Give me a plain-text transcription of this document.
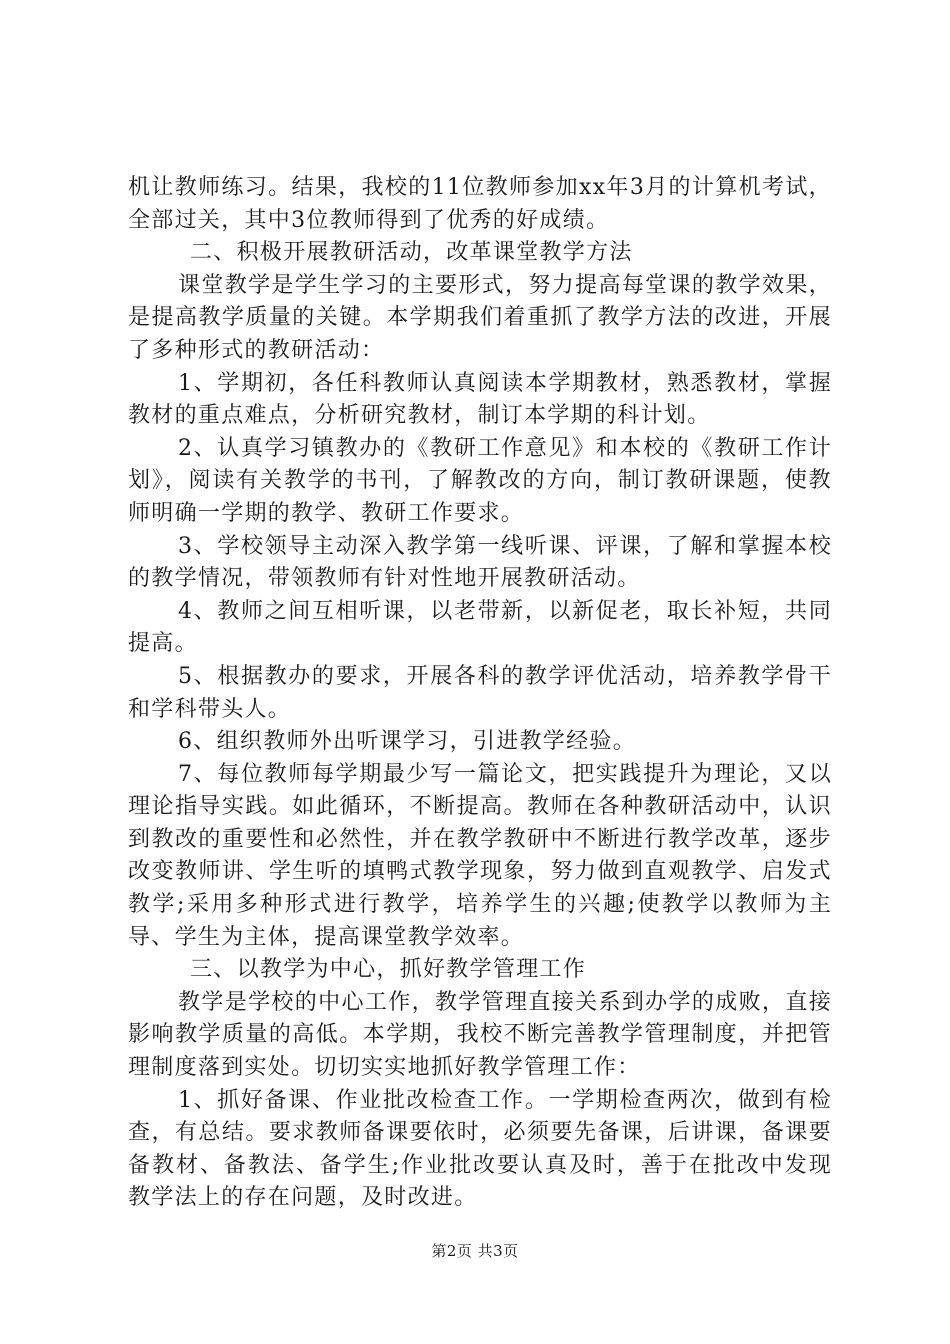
机让教师练习。结果，我校的11位教师参加xx年3月的计算机考试，全部过关，其中3位教师得到了优秀的好成绩。

二、积极开展教研活动，改革课堂教学方法

课堂教学是学生学习的主要形式，努力提高每堂课的教学效果，是提高教学质量的关键。本学期我们着重抓了教学方法的改进，开展了多种形式的教研活动：

1、学期初，各任科教师认真阅读本学期教材，熟悉教材，掌握教材的重点难点，分析研究教材，制订本学期的科计划。

2、认真学习镇教办的《教研工作意见》和本校的《教研工作计划》，阅读有关教学的书刊，了解教改的方向，制订教研课题，使教师明确一学期的教学、教研工作要求。

3、学校领导主动深入教学第一线听课、评课，了解和掌握本校的教学情况，带领教师有针对性地开展教研活动。

4、教师之间互相听课，以老带新，以新促老，取长补短，共同提高。

5、根据教办的要求，开展各科的教学评优活动，培养教学骨干和学科带头人。

6、组织教师外出听课学习，引进教学经验。

7、每位教师每学期最少写一篇论文，把实践提升为理论，又以理论指导实践。如此循环，不断提高。教师在各种教研活动中，认识到教改的重要性和必然性，并在教学教研中不断进行教学改革，逐步改变教师讲、学生听的填鸭式教学现象，努力做到直观教学、启发式教学;采用多种形式进行教学，培养学生的兴趣;使教学以教师为主导、学生为主体，提高课堂教学效率。

三、以教学为中心，抓好教学管理工作

教学是学校的中心工作，教学管理直接关系到办学的成败，直接影响教学质量的高低。本学期，我校不断完善教学管理制度，并把管理制度落到实处。切切实实地抓好教学管理工作：

1、抓好备课、作业批改检查工作。一学期检查两次，做到有检查，有总结。要求教师备课要依时，必须要先备课，后讲课，备课要备教材、备教法、备学生;作业批改要认真及时，善于在批改中发现教学法上的存在问题，及时改进。

第2页 共3页
